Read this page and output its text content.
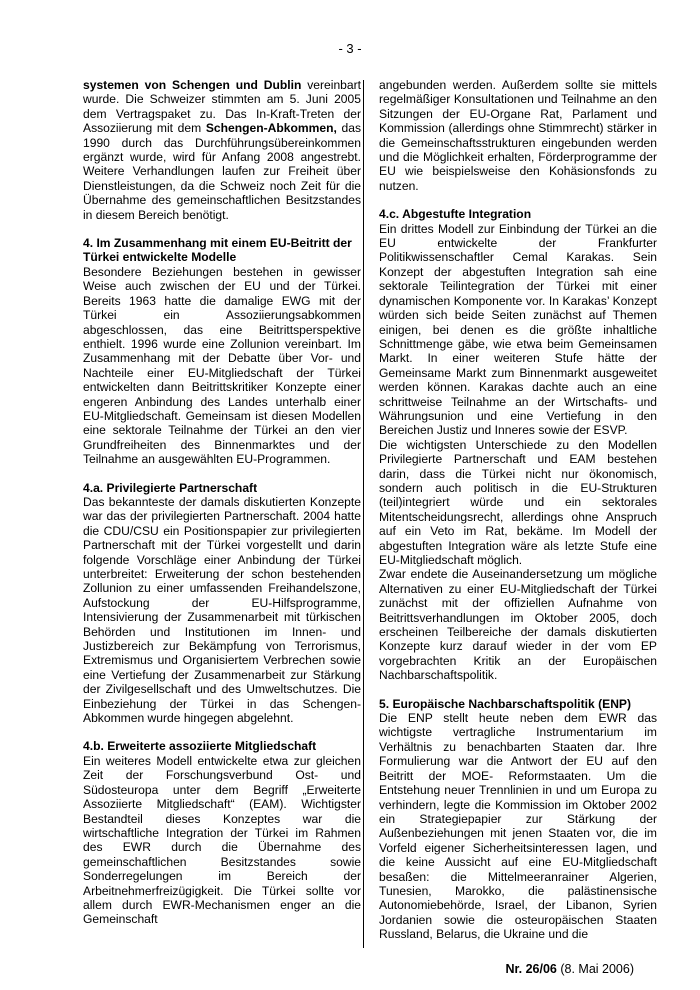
- 3 -

systemen von Schengen und Dublin vereinbart wurde. Die Schweizer stimmten am 5. Juni 2005 dem Vertragspaket zu. Das In-Kraft-Treten der Assoziierung mit dem Schengen-Abkommen, das 1990 durch das Durchführungsübereinkommen ergänzt wurde, wird für Anfang 2008 angestrebt. Weitere Verhandlungen laufen zur Freiheit über Dienstleistungen, da die Schweiz noch Zeit für die Übernahme des gemeinschaftlichen Besitzstandes in diesem Bereich benötigt.

4. Im Zusammenhang mit einem EU-Beitritt der Türkei entwickelte Modelle

Besondere Beziehungen bestehen in gewisser Weise auch zwischen der EU und der Türkei. Bereits 1963 hatte die damalige EWG mit der Türkei ein Assoziierungsabkommen abgeschlossen, das eine Beitrittsperspektive enthielt. 1996 wurde eine Zollunion vereinbart. Im Zusammenhang mit der Debatte über Vor- und Nachteile einer EU-Mitgliedschaft der Türkei entwickelten dann Beitrittskritiker Konzepte einer engeren Anbindung des Landes unterhalb einer EU-Mitgliedschaft. Gemeinsam ist diesen Modellen eine sektorale Teilnahme der Türkei an den vier Grundfreiheiten des Binnenmarktes und der Teilnahme an ausgewählten EU-Programmen.

4.a. Privilegierte Partnerschaft

Das bekannteste der damals diskutierten Konzepte war das der privilegierten Partnerschaft. 2004 hatte die CDU/CSU ein Positionspapier zur privilegierten Partnerschaft mit der Türkei vorgestellt und darin folgende Vorschläge einer Anbindung der Türkei unterbreitet: Erweiterung der schon bestehenden Zollunion zu einer umfassenden Freihandelszone, Aufstockung der EU-Hilfsprogramme, Intensivierung der Zusammenarbeit mit türkischen Behörden und Institutionen im Innen- und Justizbereich zur Bekämpfung von Terrorismus, Extremismus und Organisiertem Verbrechen sowie eine Vertiefung der Zusammenarbeit zur Stärkung der Zivilgesellschaft und des Umweltschutzes. Die Einbeziehung der Türkei in das Schengen-Abkommen wurde hingegen abgelehnt.

4.b. Erweiterte assoziierte Mitgliedschaft

Ein weiteres Modell entwickelte etwa zur gleichen Zeit der Forschungsverbund Ost- und Südosteuropa unter dem Begriff „Erweiterte Assoziierte Mitgliedschaft“ (EAM). Wichtigster Bestandteil dieses Konzeptes war die wirtschaftliche Integration der Türkei im Rahmen des EWR durch die Übernahme des gemeinschaftlichen Besitzstandes sowie Sonderregelungen im Bereich der Arbeitnehmerfreizügigkeit. Die Türkei sollte vor allem durch EWR-Mechanismen enger an die Gemeinschaft

angebunden werden. Außerdem sollte sie mittels regelmäßiger Konsultationen und Teilnahme an den Sitzungen der EU-Organe Rat, Parlament und Kommission (allerdings ohne Stimmrecht) stärker in die Gemeinschaftsstrukturen eingebunden werden und die Möglichkeit erhalten, Förderprogramme der EU wie beispielsweise den Kohäsionsfonds zu nutzen.

4.c. Abgestufte Integration

Ein drittes Modell zur Einbindung der Türkei an die EU entwickelte der Frankfurter Politikwissenschaftler Cemal Karakas. Sein Konzept der abgestuften Integration sah eine sektorale Teilintegration der Türkei mit einer dynamischen Komponente vor. In Karakas’ Konzept würden sich beide Seiten zunächst auf Themen einigen, bei denen es die größte inhaltliche Schnittmenge gäbe, wie etwa beim Gemeinsamen Markt. In einer weiteren Stufe hätte der Gemeinsame Markt zum Binnenmarkt ausgeweitet werden können. Karakas dachte auch an eine schrittweise Teilnahme an der Wirtschafts- und Währungsunion und eine Vertiefung in den Bereichen Justiz und Inneres sowie der ESVP.

Die wichtigsten Unterschiede zu den Modellen Privilegierte Partnerschaft und EAM bestehen darin, dass die Türkei nicht nur ökonomisch, sondern auch politisch in die EU-Strukturen (teil)integriert würde und ein sektorales Mitentscheidungsrecht, allerdings ohne Anspruch auf ein Veto im Rat, bekäme. Im Modell der abgestuften Integration wäre als letzte Stufe eine EU-Mitgliedschaft möglich.

Zwar endete die Auseinandersetzung um mögliche Alternativen zu einer EU-Mitgliedschaft der Türkei zunächst mit der offiziellen Aufnahme von Beitrittsverhandlungen im Oktober 2005, doch erscheinen Teilbereiche der damals diskutierten Konzepte kurz darauf wieder in der vom EP vorgebrachten Kritik an der Europäischen Nachbarschaftspolitik.

5. Europäische Nachbarschaftspolitik (ENP)

Die ENP stellt heute neben dem EWR das wichtigste vertragliche Instrumentarium im Verhältnis zu benachbarten Staaten dar. Ihre Formulierung war die Antwort der EU auf den Beitritt der MOE- Reformstaaten. Um die Entstehung neuer Trennlinien in und um Europa zu verhindern, legte die Kommission im Oktober 2002 ein Strategiepapier zur Stärkung der Außenbeziehungen mit jenen Staaten vor, die im Vorfeld eigener Sicherheitsinteressen lagen, und die keine Aussicht auf eine EU-Mitgliedschaft besaßen: die Mittelmeeranrainer Algerien, Tunesien, Marokko, die palästinensische Autonomiebehörde, Israel, der Libanon, Syrien Jordanien sowie die osteuropäischen Staaten Russland, Belarus, die Ukraine und die

Nr. 26/06 (8. Mai 2006)
